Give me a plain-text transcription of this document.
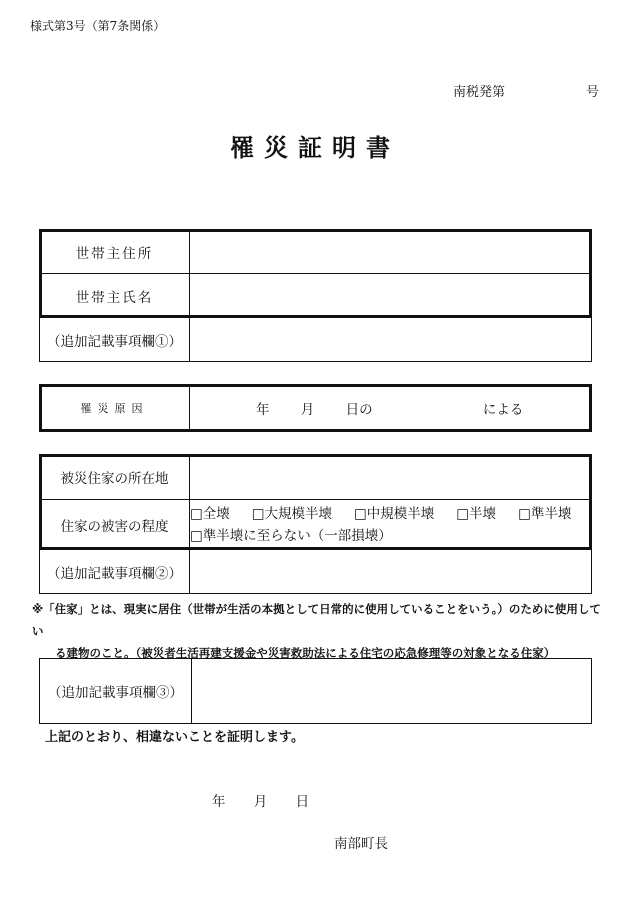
様式第3号（第7条関係）
南税発第	号
罹災証明書
世帯主住所	
世帯主氏名	
（追加記載事項欄①）	
罹災原因	年 月 日の	による
被災住家の所在地	
住家の被害の程度	□全壊 □大規模半壊 □中規模半壊 □半壊 □準半壊
□準半壊に至らない（一部損壊）

（追加記載事項欄②）	
※「住家」とは、現実に居住（世帯が生活の本拠として日常的に使用していることをいう。）のために使用してい
る建物のこと。（被災者生活再建支援金や災害救助法による住宅の応急修理等の対象となる住家）
（追加記載事項欄③）	
上記のとおり、相違ないことを証明します。
年 月 日
南部町長
